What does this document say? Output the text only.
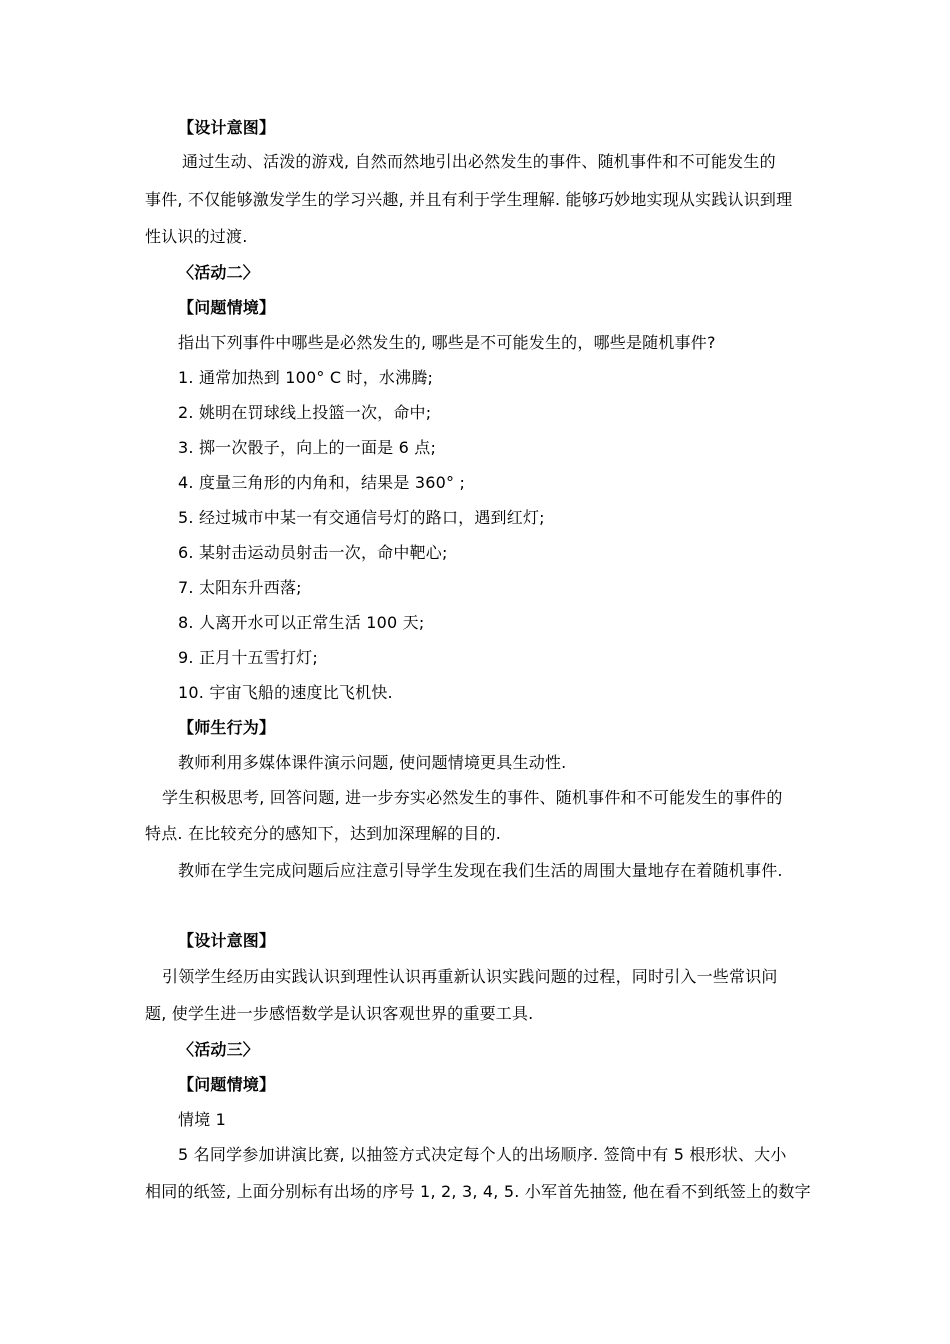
【设计意图】
通过生动、活泼的游戏, 自然而然地引出必然发生的事件、随机事件和不可能发生的
事件, 不仅能够激发学生的学习兴趣, 并且有利于学生理解. 能够巧妙地实现从实践认识到理
性认识的过渡.
〈活动二〉
【问题情境】
指出下列事件中哪些是必然发生的, 哪些是不可能发生的，哪些是随机事件?
1. 通常加热到 100° C 时，水沸腾;
2. 姚明在罚球线上投篮一次，命中;
3. 掷一次骰子，向上的一面是 6 点;
4. 度量三角形的内角和，结果是 360° ;
5. 经过城市中某一有交通信号灯的路口，遇到红灯;
6. 某射击运动员射击一次，命中靶心;
7. 太阳东升西落;
8. 人离开水可以正常生活 100 天;
9. 正月十五雪打灯;
10. 宇宙飞船的速度比飞机快.
【师生行为】
教师利用多媒体课件演示问题, 使问题情境更具生动性.
学生积极思考, 回答问题, 进一步夯实必然发生的事件、随机事件和不可能发生的事件的
特点. 在比较充分的感知下，达到加深理解的目的.
教师在学生完成问题后应注意引导学生发现在我们生活的周围大量地存在着随机事件.
【设计意图】
引领学生经历由实践认识到理性认识再重新认识实践问题的过程，同时引入一些常识问
题, 使学生进一步感悟数学是认识客观世界的重要工具.
〈活动三〉
【问题情境】
情境 1
5 名同学参加讲演比赛, 以抽签方式决定每个人的出场顺序. 签筒中有 5 根形状、大小
相同的纸签, 上面分别标有出场的序号 1, 2, 3, 4, 5. 小军首先抽签, 他在看不到纸签上的数字
